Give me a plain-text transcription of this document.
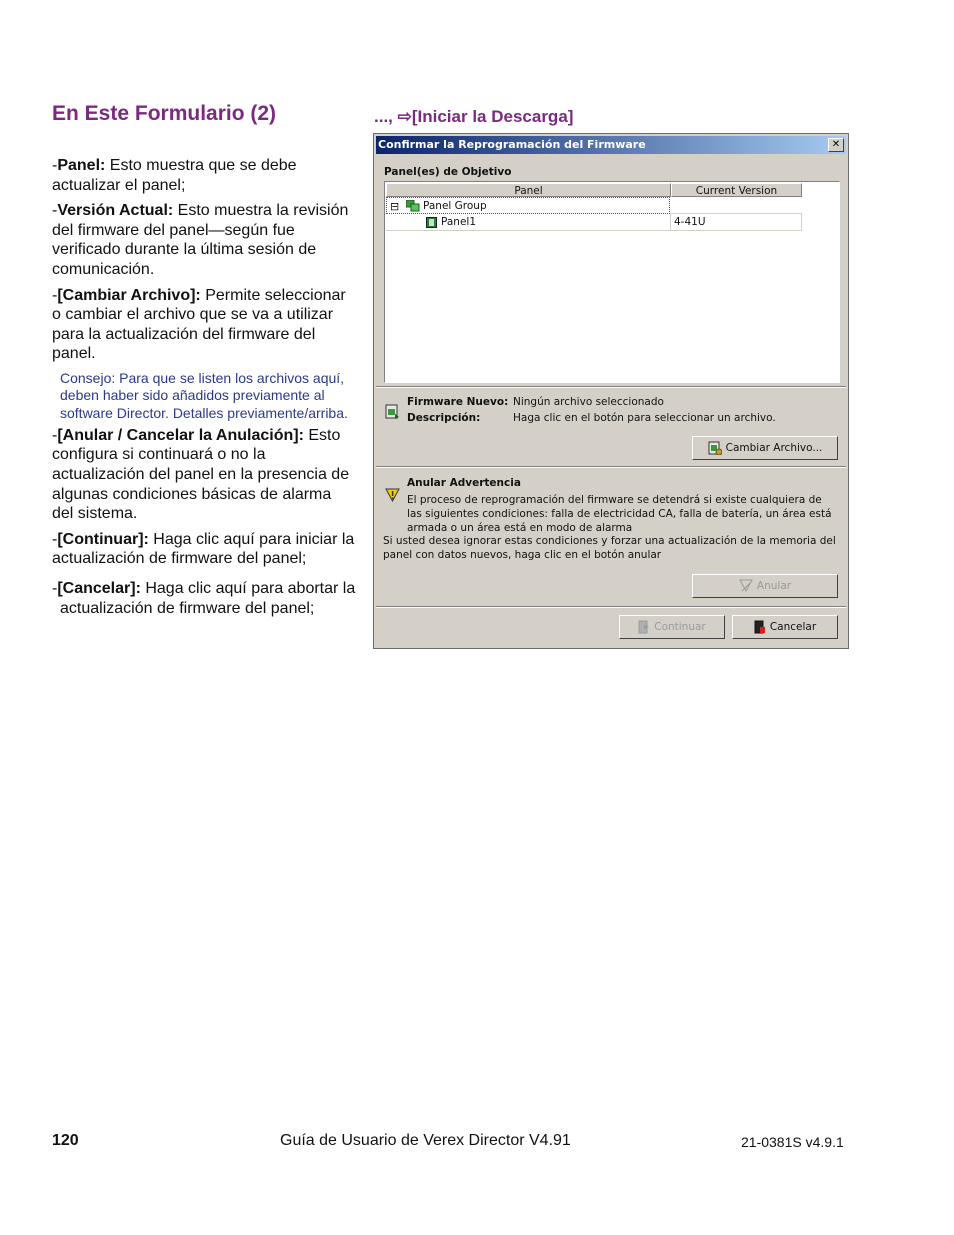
En Este Formulario (2)	..., ⇨[Iniciar la Descarga]

-Panel: Esto muestra que se debe actualizar el panel;

-Versión Actual: Esto muestra la revisión del firmware del panel—según fue verificado durante la última sesión de comunicación.

-[Cambiar Archivo]: Permite seleccionar o cambiar el archivo que se va a utilizar para la actualización del firmware del panel.

Consejo: Para que se listen los archivos aquí, deben haber sido añadidos previamente al software Director. Detalles previamente/arriba.

-[Anular / Cancelar la Anulación]: Esto configura si continuará o no la actualización del panel en la presencia de algunas condiciones básicas de alarma del sistema.

-[Continuar]: Haga clic aquí para iniciar la actualización de firmware del panel;

-[Cancelar]: Haga clic aquí para abortar la actualización de firmware del panel;

Confirmar la Reprogramación del Firmware	✕
Panel(es) de Objetivo
Panel	Current Version
⊟ Panel Group
Panel1	4-41U
Firmware Nuevo: Ningún archivo seleccionado
Descripción:	Haga clic en el botón para seleccionar un archivo.
Cambiar Archivo...
Anular Advertencia
El proceso de reprogramación del firmware se detendrá si existe cualquiera de las siguientes condiciones: falla de electricidad CA, falla de batería, un área está armada o un área está en modo de alarma
Si usted desea ignorar estas condiciones y forzar una actualización de la memoria del panel con datos nuevos, haga clic en el botón anular
Anular
Continuar	Cancelar
120	Guía de Usuario de Verex Director V4.91	21-0381S v4.9.1
